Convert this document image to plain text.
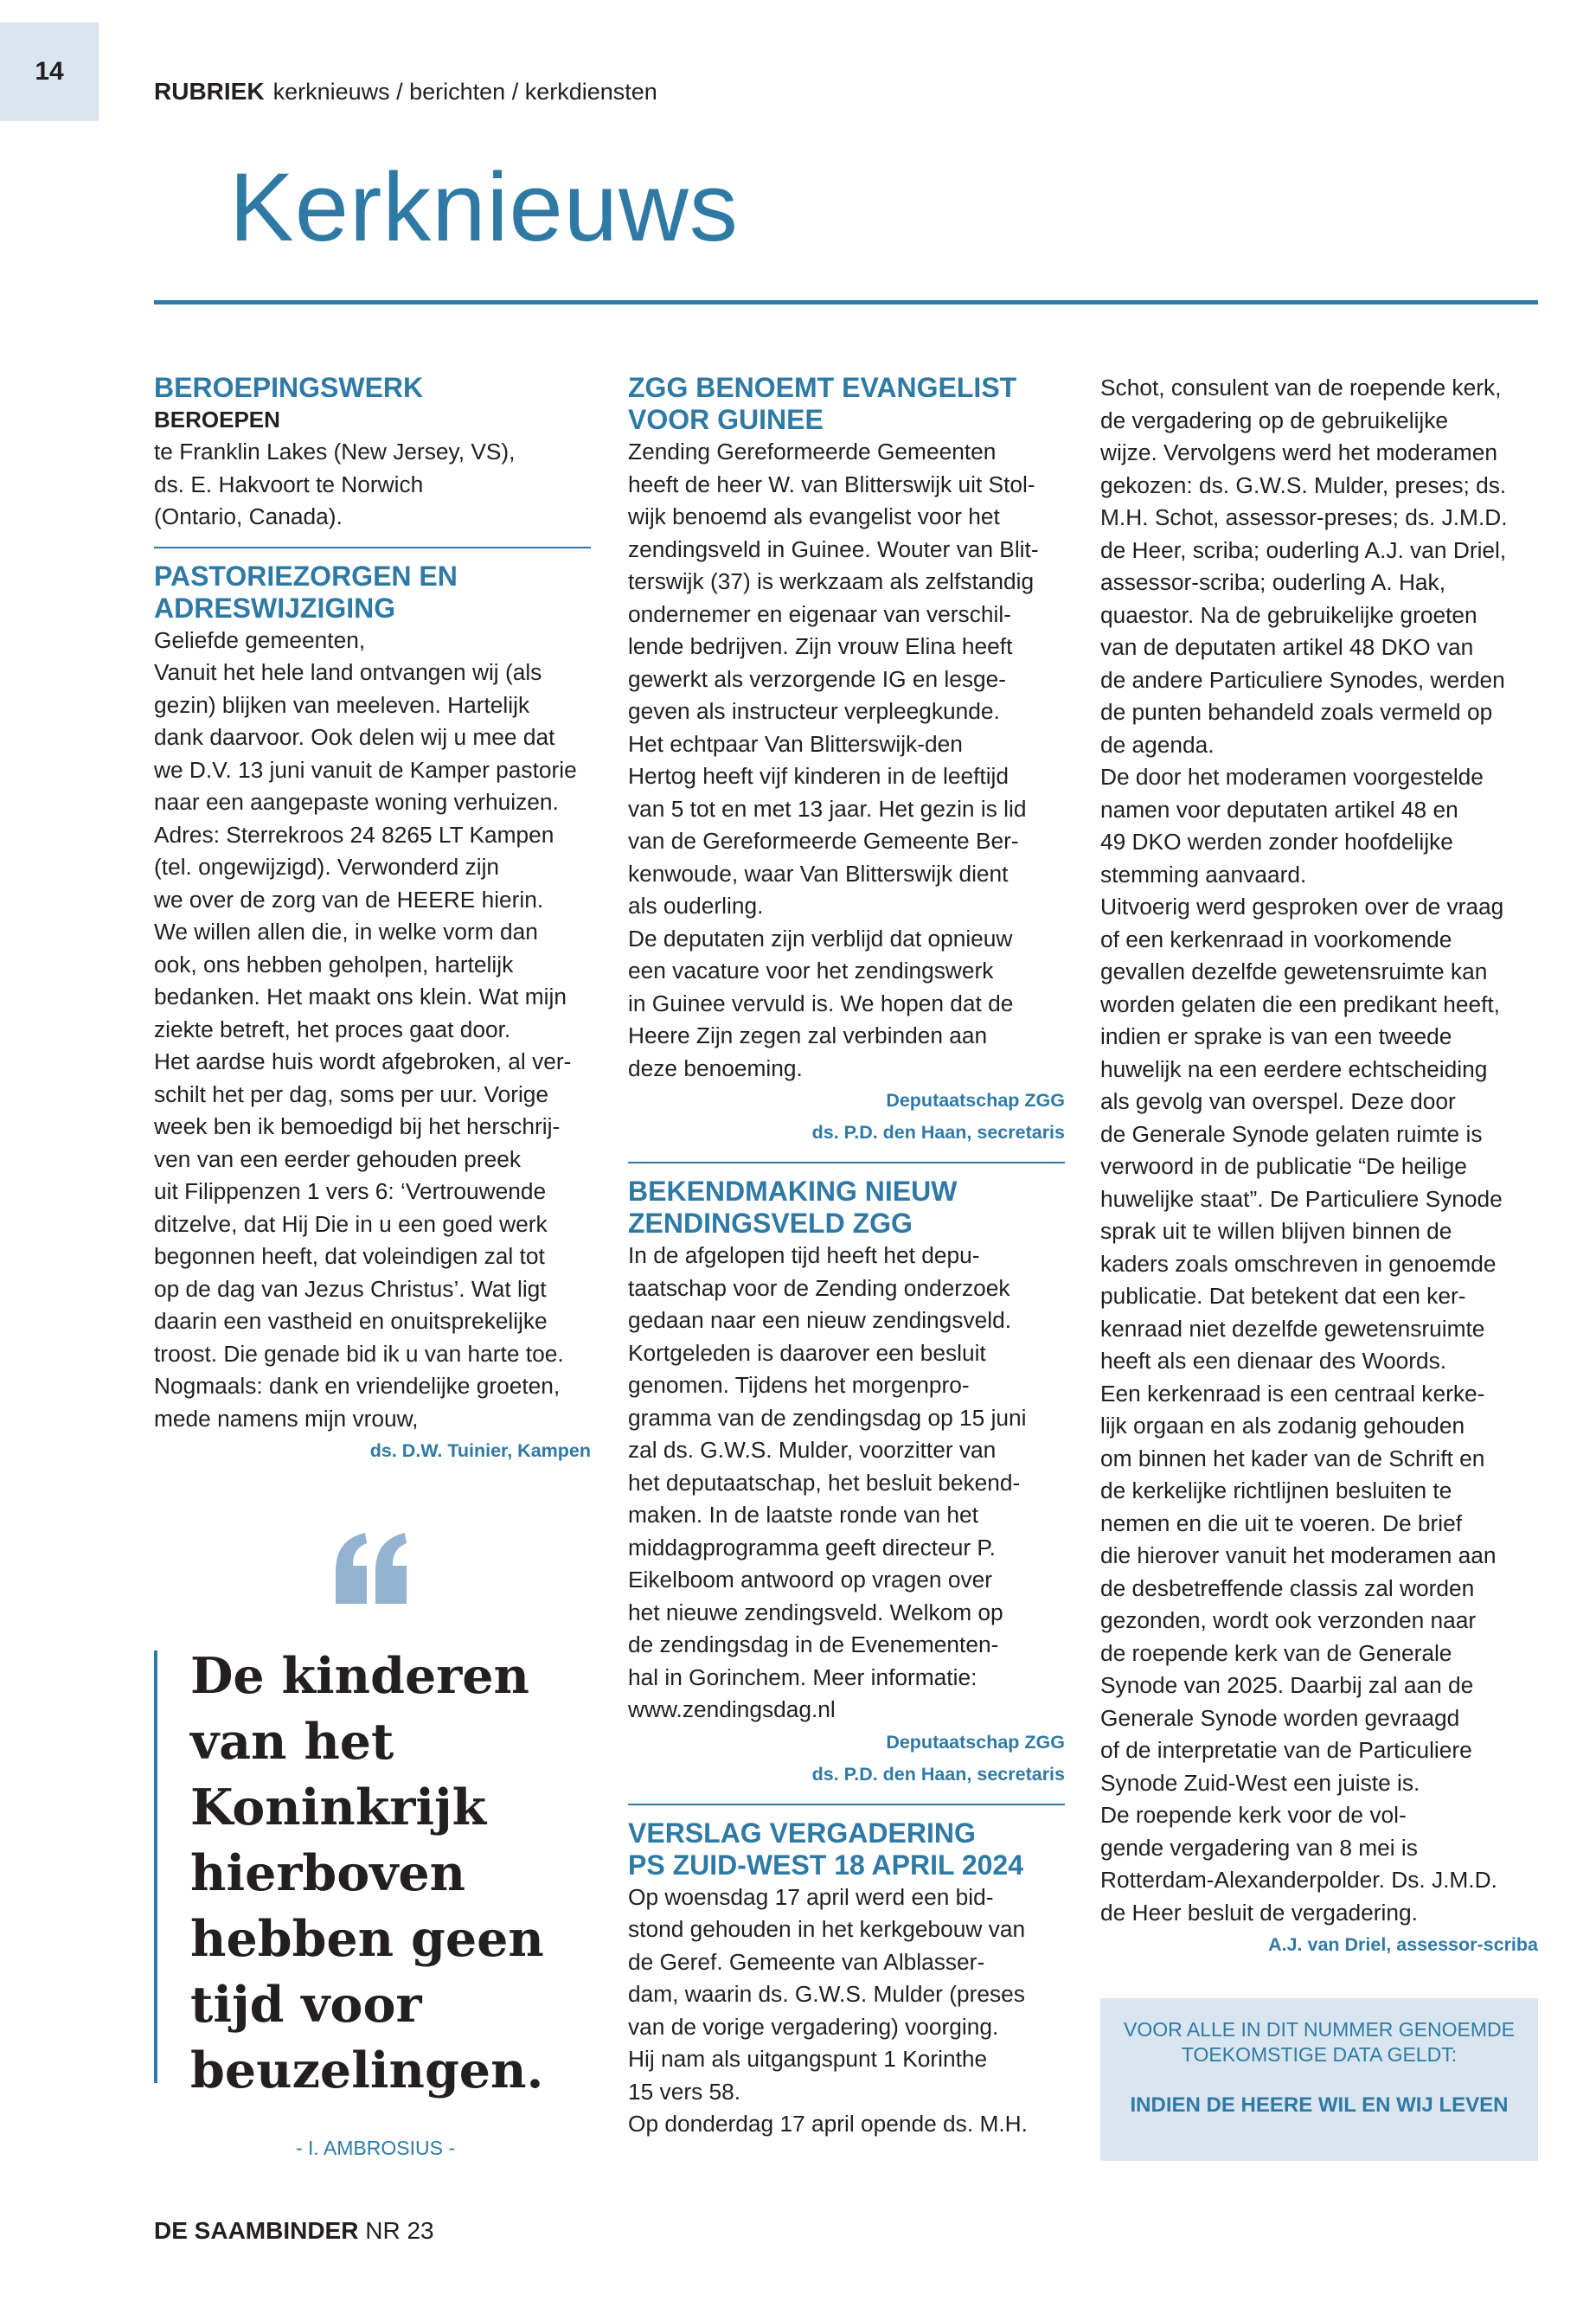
14
RUBRIEK kerknieuws / berichten / kerkdiensten
Kerknieuws
BEROEPINGSWERK
BEROEPEN

te Franklin Lakes (New Jersey, VS),

ds. E. Hakvoort te Norwich

(Ontario, Canada).

PASTORIEZORGEN EN
ADRESWIJZIGING

Geliefde gemeenten,

Vanuit het hele land ontvangen wij (als

gezin) blijken van meeleven. Hartelijk

dank daarvoor. Ook delen wij u mee dat

we D.V. 13 juni vanuit de Kamper pastorie

naar een aangepaste woning verhuizen.

Adres: Sterrekroos 24 8265 LT Kampen

(tel. ongewijzigd). Verwonderd zijn

we over de zorg van de HEERE hierin.

We willen allen die, in welke vorm dan

ook, ons hebben geholpen, hartelijk

bedanken. Het maakt ons klein. Wat mijn

ziekte betreft, het proces gaat door.

Het aardse huis wordt afgebroken, al ver-

schilt het per dag, soms per uur. Vorige

week ben ik bemoedigd bij het herschrij-

ven van een eerder gehouden preek

uit Filippenzen 1 vers 6: ‘Vertrouwende

ditzelve, dat Hij Die in u een goed werk

begonnen heeft, dat voleindigen zal tot

op de dag van Jezus Christus’. Wat ligt

daarin een vastheid en onuitsprekelijke

troost. Die genade bid ik u van harte toe.

Nogmaals: dank en vriendelijke groeten,

mede namens mijn vrouw,

ds. D.W. Tuinier, Kampen

De kinderen
van het
Koninkrijk
hierboven
hebben geen
tijd voor
beuzelingen.
- I. AMBROSIUS -
ZGG BENOEMT EVANGELIST
VOOR GUINEE

Zending Gereformeerde Gemeenten

heeft de heer W. van Blitterswijk uit Stol-

wijk benoemd als evangelist voor het

zendingsveld in Guinee. Wouter van Blit-

terswijk (37) is werkzaam als zelfstandig

ondernemer en eigenaar van verschil-

lende bedrijven. Zijn vrouw Elina heeft

gewerkt als verzorgende IG en lesge-

geven als instructeur verpleegkunde.

Het echtpaar Van Blitterswijk-den

Hertog heeft vijf kinderen in de leeftijd

van 5 tot en met 13 jaar. Het gezin is lid

van de Gereformeerde Gemeente Ber-

kenwoude, waar Van Blitterswijk dient

als ouderling.

De deputaten zijn verblijd dat opnieuw

een vacature voor het zendingswerk

in Guinee vervuld is. We hopen dat de

Heere Zijn zegen zal verbinden aan

deze benoeming.

Deputaatschap ZGG

ds. P.D. den Haan, secretaris

BEKENDMAKING NIEUW
ZENDINGSVELD ZGG

In de afgelopen tijd heeft het depu-

taatschap voor de Zending onderzoek

gedaan naar een nieuw zendingsveld.

Kortgeleden is daarover een besluit

genomen. Tijdens het morgenpro-

gramma van de zendingsdag op 15 juni

zal ds. G.W.S. Mulder, voorzitter van

het deputaatschap, het besluit bekend-

maken. In de laatste ronde van het

middagprogramma geeft directeur P.

Eikelboom antwoord op vragen over

het nieuwe zendingsveld. Welkom op

de zendingsdag in de Evenementen-

hal in Gorinchem. Meer informatie:

www.zendingsdag.nl

Deputaatschap ZGG

ds. P.D. den Haan, secretaris

VERSLAG VERGADERING
PS ZUID-WEST 18 APRIL 2024

Op woensdag 17 april werd een bid-

stond gehouden in het kerkgebouw van

de Geref. Gemeente van Alblasser-

dam, waarin ds. G.W.S. Mulder (preses

van de vorige vergadering) voorging.

Hij nam als uitgangspunt 1 Korinthe

15 vers 58.

Op donderdag 17 april opende ds. M.H.

Schot, consulent van de roepende kerk,

de vergadering op de gebruikelijke

wijze. Vervolgens werd het moderamen

gekozen: ds. G.W.S. Mulder, preses; ds.

M.H. Schot, assessor-preses; ds. J.M.D.

de Heer, scriba; ouderling A.J. van Driel,

assessor-scriba; ouderling A. Hak,

quaestor. Na de gebruikelijke groeten

van de deputaten artikel 48 DKO van

de andere Particuliere Synodes, werden

de punten behandeld zoals vermeld op

de agenda.

De door het moderamen voorgestelde

namen voor deputaten artikel 48 en

49 DKO werden zonder hoofdelijke

stemming aanvaard.

Uitvoerig werd gesproken over de vraag

of een kerkenraad in voorkomende

gevallen dezelfde gewetensruimte kan

worden gelaten die een predikant heeft,

indien er sprake is van een tweede

huwelijk na een eerdere echtscheiding

als gevolg van overspel. Deze door

de Generale Synode gelaten ruimte is

verwoord in de publicatie “De heilige

huwelijke staat”. De Particuliere Synode

sprak uit te willen blijven binnen de

kaders zoals omschreven in genoemde

publicatie. Dat betekent dat een ker-

kenraad niet dezelfde gewetensruimte

heeft als een dienaar des Woords.

Een kerkenraad is een centraal kerke-

lijk orgaan en als zodanig gehouden

om binnen het kader van de Schrift en

de kerkelijke richtlijnen besluiten te

nemen en die uit te voeren. De brief

die hierover vanuit het moderamen aan

de desbetreffende classis zal worden

gezonden, wordt ook verzonden naar

de roepende kerk van de Generale

Synode van 2025. Daarbij zal aan de

Generale Synode worden gevraagd

of de interpretatie van de Particuliere

Synode Zuid-West een juiste is.

De roepende kerk voor de vol-

gende vergadering van 8 mei is

Rotterdam-Alexanderpolder. Ds. J.M.D.

de Heer besluit de vergadering.

A.J. van Driel, assessor-scriba

VOOR ALLE IN DIT NUMMER GENOEMDE
TOEKOMSTIGE DATA GELDT:
INDIEN DE HEERE WIL EN WIJ LEVEN
DE SAAMBINDER NR 23
